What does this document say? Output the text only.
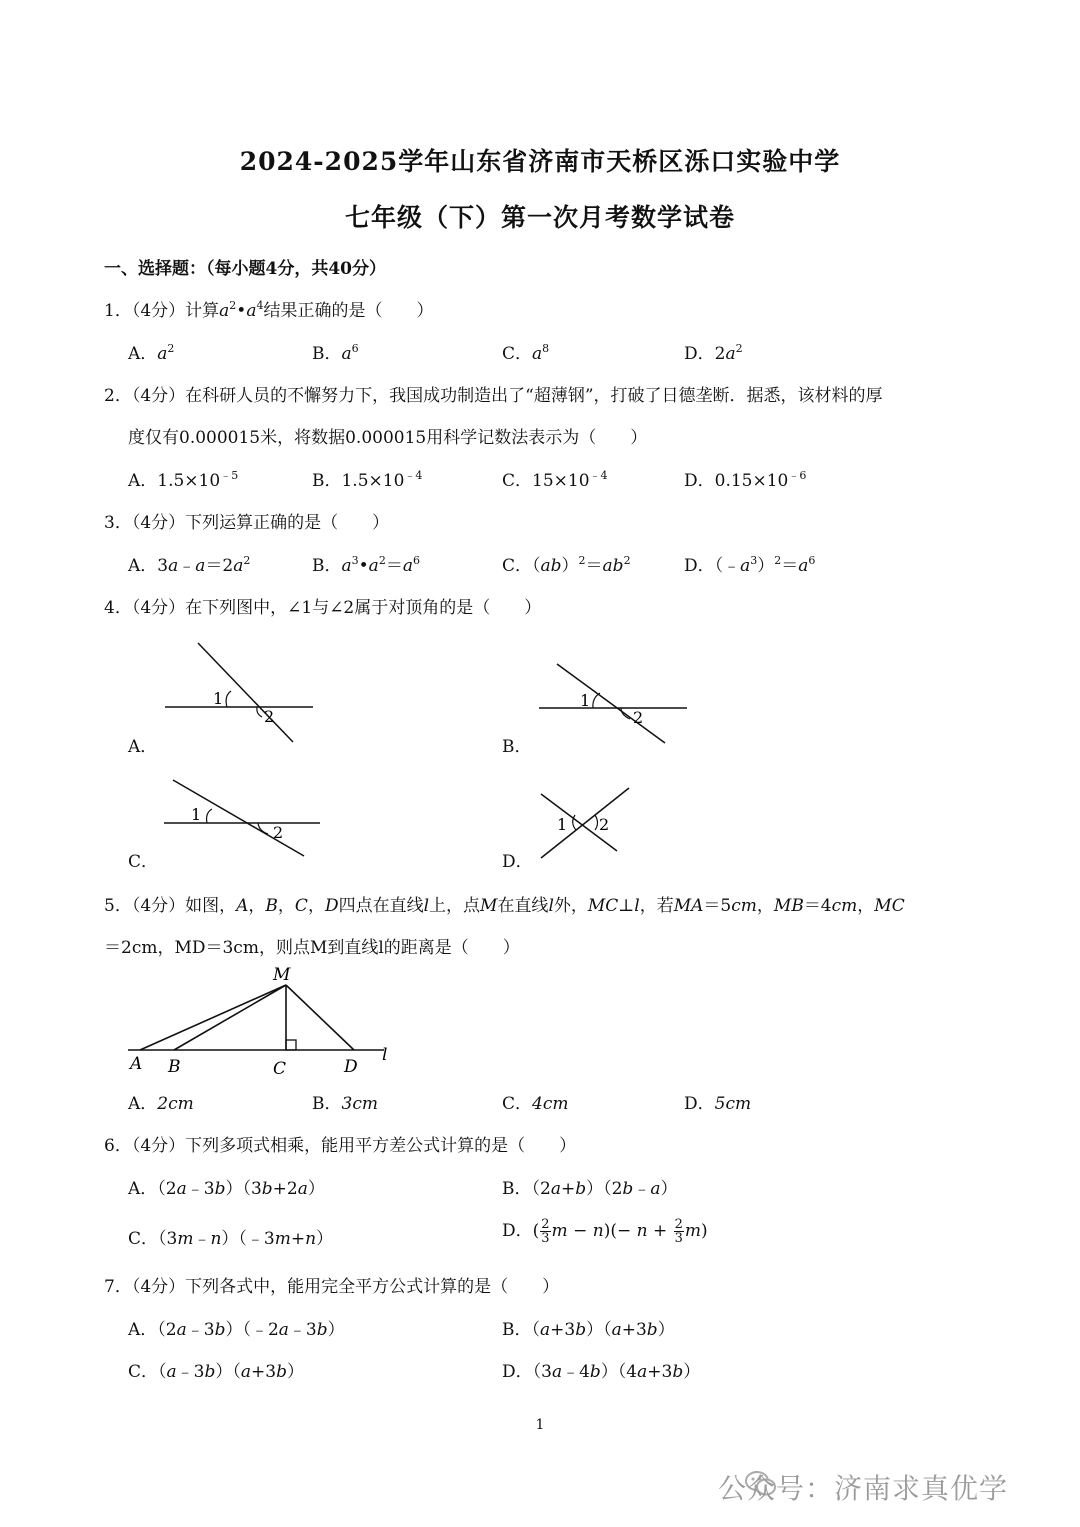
2024-2025学年山东省济南市天桥区泺口实验中学
七年级（下）第一次月考数学试卷
一、选择题：（每小题4分，共40分）
1．（4分）计算$a^2•a^4$结果正确的是（　　）
A．$a^2$	B．$a^6$	C．$a^8$	D．$2a^2$
2．（4分）在科研人员的不懈努力下，我国成功制造出了“超薄钢”，打破了日德垄断．据悉，该材料的厚
度仅有0.000015米，将数据0.000015用科学记数法表示为（　　）
A．$1.5\times 10^{﹣5}$	B．$1.5\times 10^{﹣4}$	C．$15\times 10^{﹣4}$	D．$0.15\times 10^{﹣6}$
3．（4分）下列运算正确的是（　　）
A．$3a﹣a=2a^2$	B．$a^3•a^2=a^6$	C．$(ab)^2=ab^2$	D．$(﹣a^3)^2=a^6$
4．（4分）在下列图中，∠1与∠2属于对顶角的是（　　）
1
2
A．
1
2
B．
1
2
C．
1 2
D．
5．（4分）如图，A，B，C，D四点在直线l上，点M在直线l外，MC⊥l，若MA＝5cm，MB＝4cm，MC
＝2cm，MD＝3cm，则点M到直线l的距离是（　　）
M
A B	C	D
l
A．2cm	B．3cm	C．4cm	D．5cm
6．（4分）下列多项式相乘，能用平方差公式计算的是（　　）
A．（2a﹣3b）（3b+2a）	B．（2a+b）（2b﹣a）
C．（3m﹣n）（﹣3m+n）	D．( $\frac{2}{3}$ $m - n)(- n + \frac{2}{3} m)$
7．（4分）下列各式中，能用完全平方公式计算的是（　　）
A．（2a﹣3b）（﹣2a﹣3b）	B．（a+3b）（a+3b）
C．（a﹣3b）（a+3b）	D．（3a﹣4b）（4a+3b）
1
公众号：济南求真优学
